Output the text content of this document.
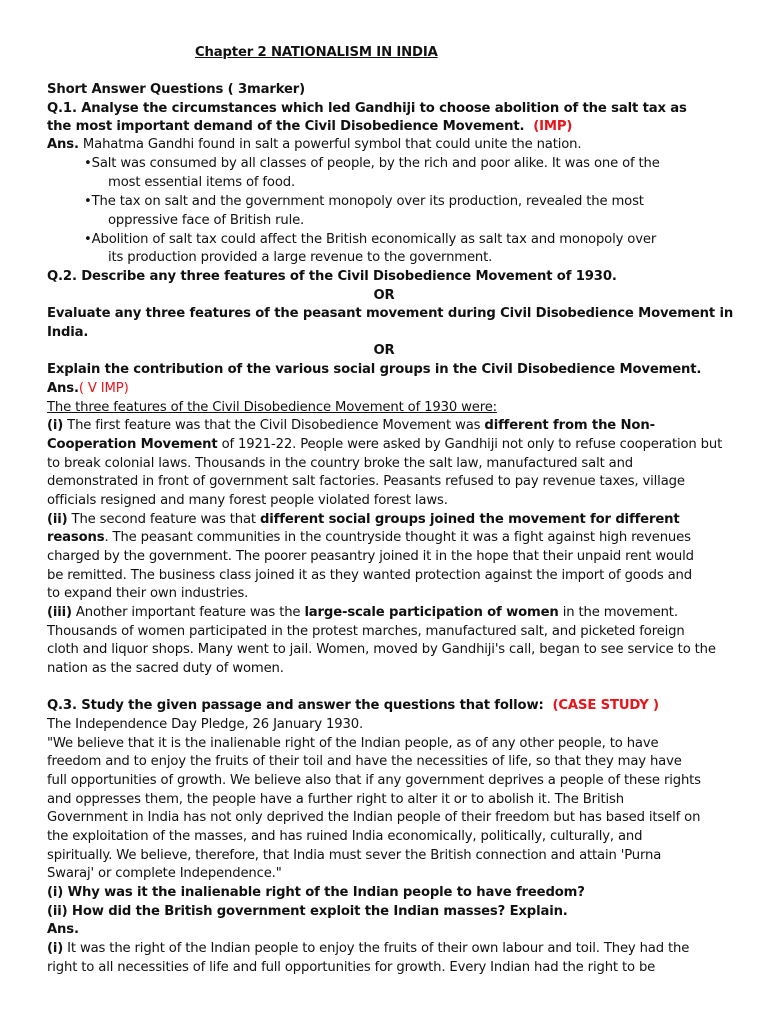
Chapter 2 NATIONALISM IN INDIA
Short Answer Questions ( 3marker)
Q.1. Analyse the circumstances which led Gandhiji to choose abolition of the salt tax as
the most important demand of the Civil Disobedience Movement. (IMP)
Ans. Mahatma Gandhi found in salt a powerful symbol that could unite the nation.
•Salt was consumed by all classes of people, by the rich and poor alike. It was one of the
most essential items of food.
•The tax on salt and the government monopoly over its production, revealed the most
oppressive face of British rule.
•Abolition of salt tax could affect the British economically as salt tax and monopoly over
its production provided a large revenue to the government.
Q.2. Describe any three features of the Civil Disobedience Movement of 1930.
OR
Evaluate any three features of the peasant movement during Civil Disobedience Movement in
India.
OR
Explain the contribution of the various social groups in the Civil Disobedience Movement.
Ans.( V IMP)
The three features of the Civil Disobedience Movement of 1930 were:
(i) The first feature was that the Civil Disobedience Movement was different from the Non-
Cooperation Movement of 1921-22. People were asked by Gandhiji not only to refuse cooperation but
to break colonial laws. Thousands in the country broke the salt law, manufactured salt and
demonstrated in front of government salt factories. Peasants refused to pay revenue taxes, village
officials resigned and many forest people violated forest laws.
(ii) The second feature was that different social groups joined the movement for different
reasons. The peasant communities in the countryside thought it was a fight against high revenues
charged by the government. The poorer peasantry joined it in the hope that their unpaid rent would
be remitted. The business class joined it as they wanted protection against the import of goods and
to expand their own industries.
(iii) Another important feature was the large-scale participation of women in the movement.
Thousands of women participated in the protest marches, manufactured salt, and picketed foreign
cloth and liquor shops. Many went to jail. Women, moved by Gandhiji's call, began to see service to the
nation as the sacred duty of women.
Q.3. Study the given passage and answer the questions that follow: (CASE STUDY )
The Independence Day Pledge, 26 January 1930.
"We believe that it is the inalienable right of the Indian people, as of any other people, to have
freedom and to enjoy the fruits of their toil and have the necessities of life, so that they may have
full opportunities of growth. We believe also that if any government deprives a people of these rights
and oppresses them, the people have a further right to alter it or to abolish it. The British
Government in India has not only deprived the Indian people of their freedom but has based itself on
the exploitation of the masses, and has ruined India economically, politically, culturally, and
spiritually. We believe, therefore, that India must sever the British connection and attain 'Purna
Swaraj' or complete Independence."
(i) Why was it the inalienable right of the Indian people to have freedom?
(ii) How did the British government exploit the Indian masses? Explain.
Ans.
(i) It was the right of the Indian people to enjoy the fruits of their own labour and toil. They had the
right to all necessities of life and full opportunities for growth. Every Indian had the right to be
